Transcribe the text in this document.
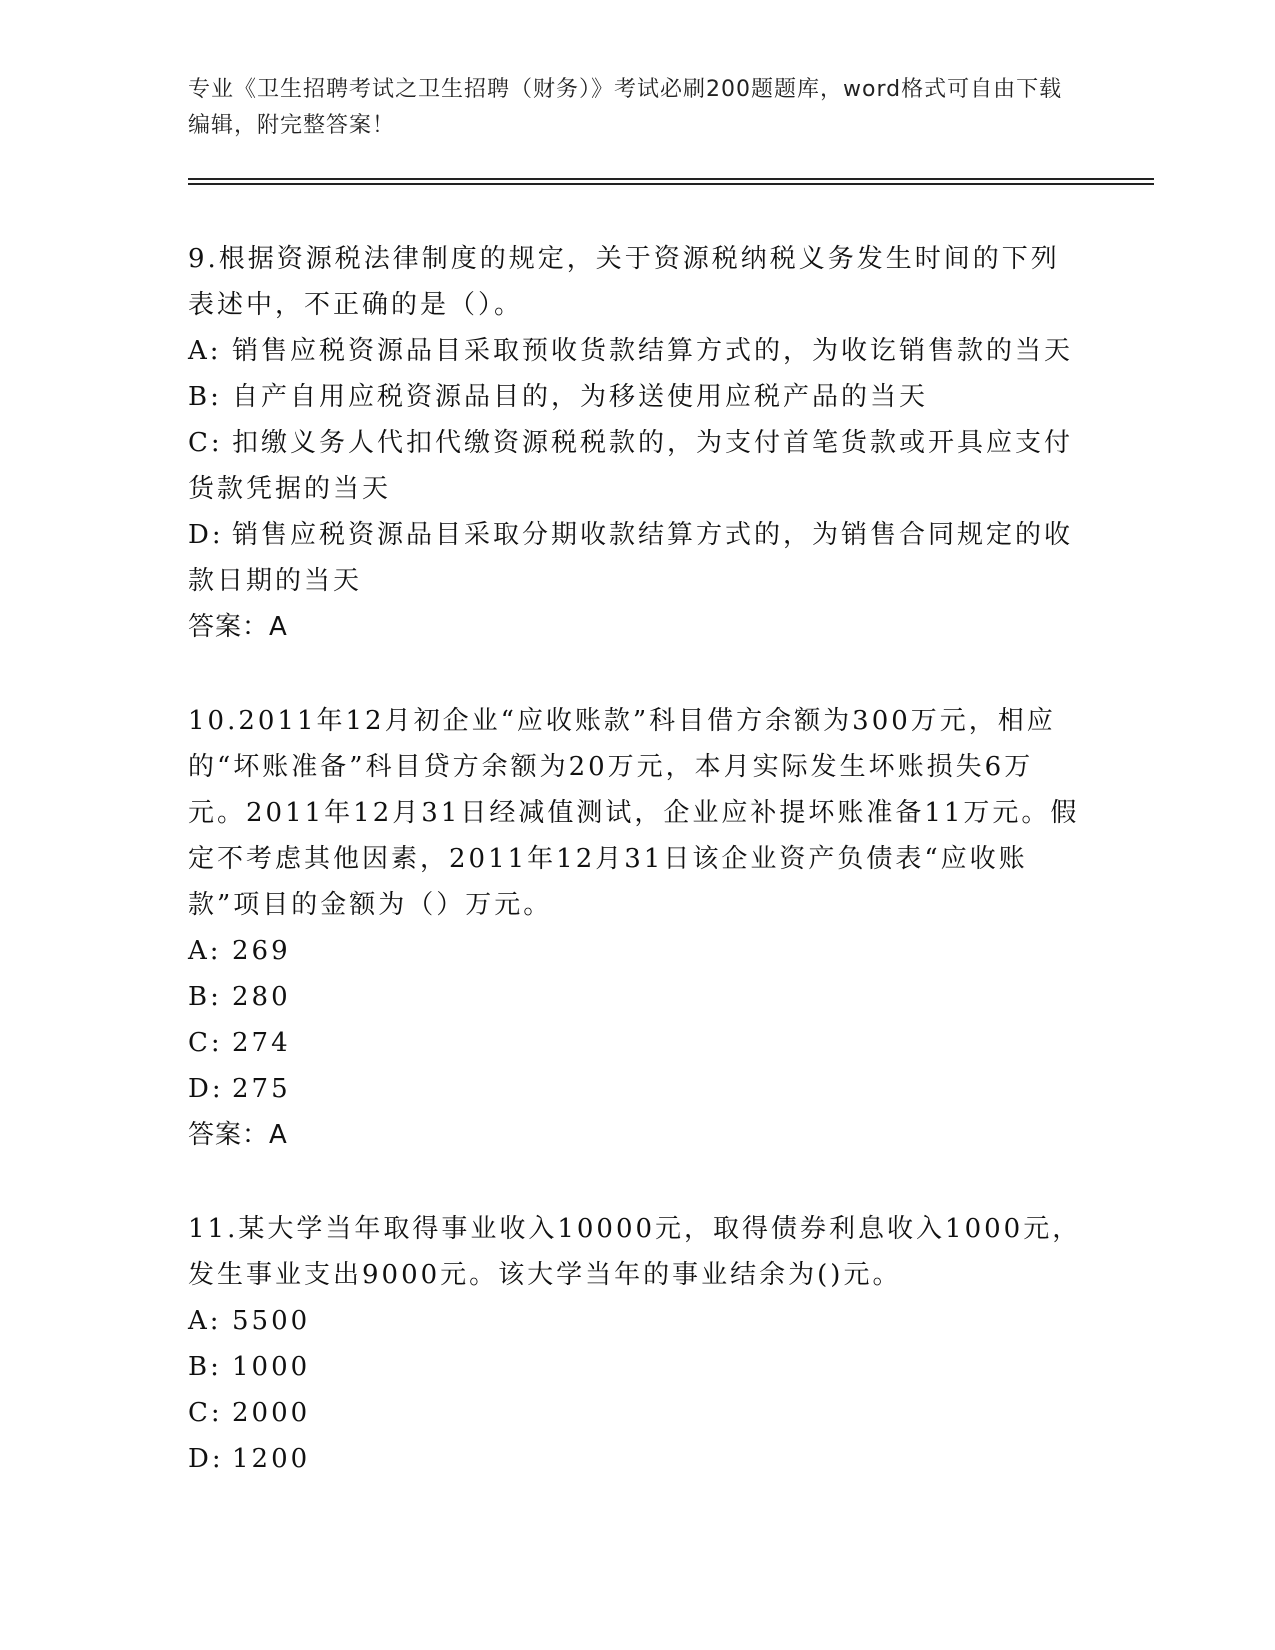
专业《卫生招聘考试之卫生招聘（财务）》考试必刷200题题库，word格式可自由下载编辑，附完整答案！

9.根据资源税法律制度的规定，关于资源税纳税义务发生时间的下列表述中，不正确的是（）。

A: 销售应税资源品目采取预收货款结算方式的，为收讫销售款的当天

B: 自产自用应税资源品目的，为移送使用应税产品的当天

C: 扣缴义务人代扣代缴资源税税款的，为支付首笔货款或开具应支付货款凭据的当天

D: 销售应税资源品目采取分期收款结算方式的，为销售合同规定的收款日期的当天

答案：A

10.2011年12月初企业“应收账款”科目借方余额为300万元，相应的“坏账准备”科目贷方余额为20万元，本月实际发生坏账损失6万元。2011年12月31日经减值测试，企业应补提坏账准备11万元。假定不考虑其他因素，2011年12月31日该企业资产负债表“应收账款”项目的金额为（）万元。

A: 269

B: 280

C: 274

D: 275

答案：A

11.某大学当年取得事业收入10000元，取得债券利息收入1000元，发生事业支出9000元。该大学当年的事业结余为()元。

A: 5500

B: 1000

C: 2000

D: 1200
